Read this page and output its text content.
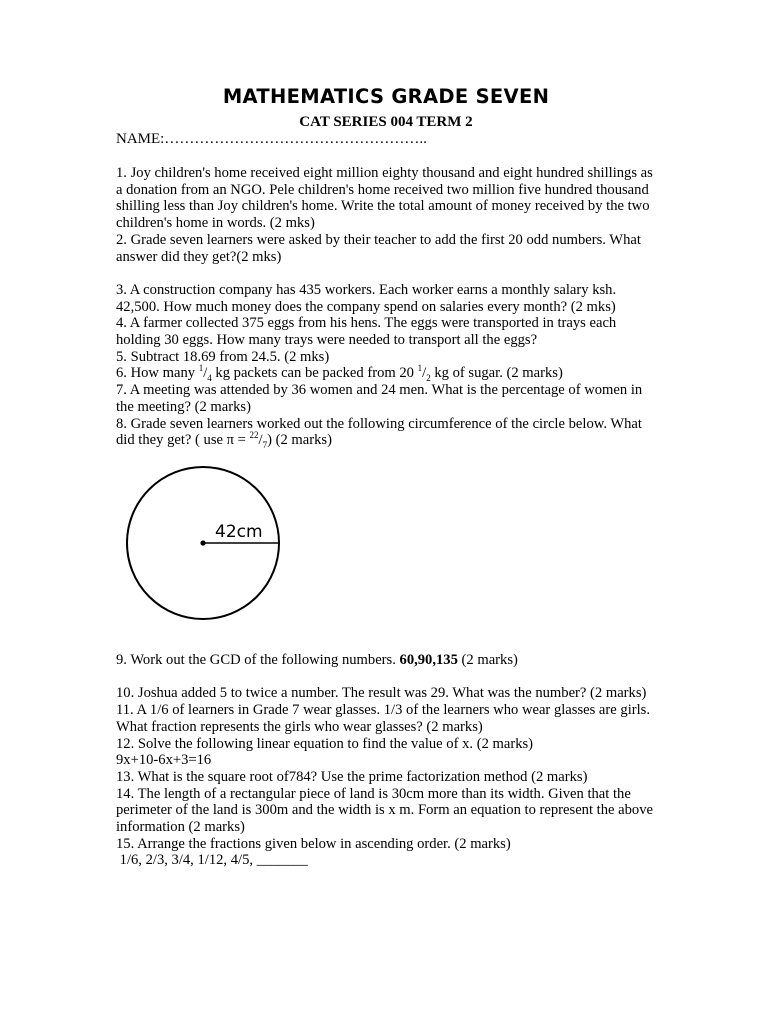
MATHEMATICS GRADE SEVEN

CAT SERIES 004 TERM 2

NAME:……………………………………………..

1. Joy children's home received eight million eighty thousand and eight hundred shillings as a donation from an NGO. Pele children's home received two million five hundred thousand shilling less than Joy children's home. Write the total amount of money received by the two children's home in words. (2 mks)

2. Grade seven learners were asked by their teacher to add the first 20 odd numbers. What answer did they get?(2 mks)

3. A construction company has 435 workers. Each worker earns a monthly salary ksh. 42,500. How much money does the company spend on salaries every month? (2 mks)

4. A farmer collected 375 eggs from his hens. The eggs were transported in trays each holding 30 eggs. How many trays were needed to transport all the eggs?

5. Subtract 18.69 from 24.5. (2 mks)

6. How many $^1/_4$ kg packets can be packed from 20 $^1/_2$ kg of sugar. (2 marks)

7. A meeting was attended by 36 women and 24 men. What is the percentage of women in the meeting? (2 marks)

8. Grade seven learners worked out the following circumference of the circle below. What did they get? ( use $\pi = ^{22}/_7$) (2 marks)

42cm

9. Work out the GCD of the following numbers. 60,90,135 (2 marks)

10. Joshua added 5 to twice a number. The result was 29. What was the number? (2 marks)

11. A 1/6 of learners in Grade 7 wear glasses. 1/3 of the learners who wear glasses are girls. What fraction represents the girls who wear glasses? (2 marks)

12. Solve the following linear equation to find the value of x. (2 marks)

9x+10-6x+3=16

13. What is the square root of784? Use the prime factorization method (2 marks)

14. The length of a rectangular piece of land is 30cm more than its width. Given that the perimeter of the land is 300m and the width is x m. Form an equation to represent the above information (2 marks)

15. Arrange the fractions given below in ascending order. (2 marks)

1/6, 2/3, 3/4, 1/12, 4/5, _______
